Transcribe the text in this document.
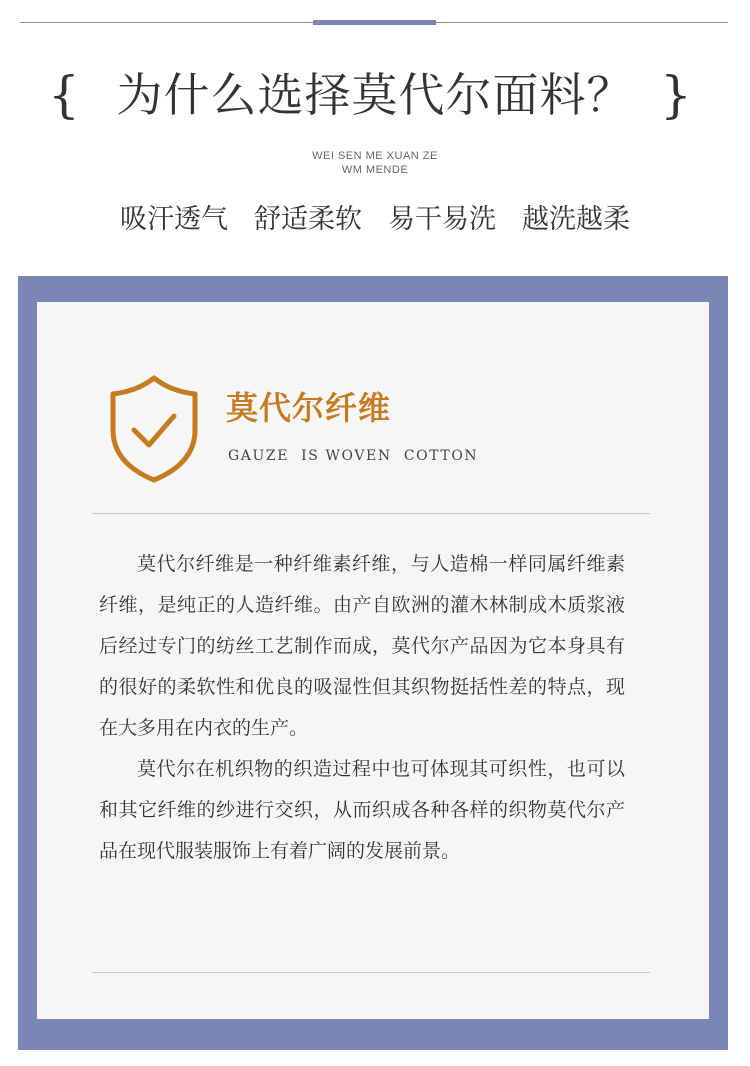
{ 为什么选择莫代尔面料？ }
WEI SEN ME XUAN ZE
WM MENDE
吸汗透气 舒适柔软 易干易洗 越洗越柔
莫代尔纤维
GAUZE  IS WOVEN  COTTON

莫代尔纤维是一种纤维素纤维，与人造棉一样同属纤维素纤维，是纯正的人造纤维。由产自欧洲的灌木林制成木质浆液后经过专门的纺丝工艺制作而成，莫代尔产品因为它本身具有的很好的柔软性和优良的吸湿性但其织物挺括性差的特点，现在大多用在内衣的生产。

莫代尔在机织物的织造过程中也可体现其可织性，也可以和其它纤维的纱进行交织，从而织成各种各样的织物莫代尔产品在现代服装服饰上有着广阔的发展前景。
